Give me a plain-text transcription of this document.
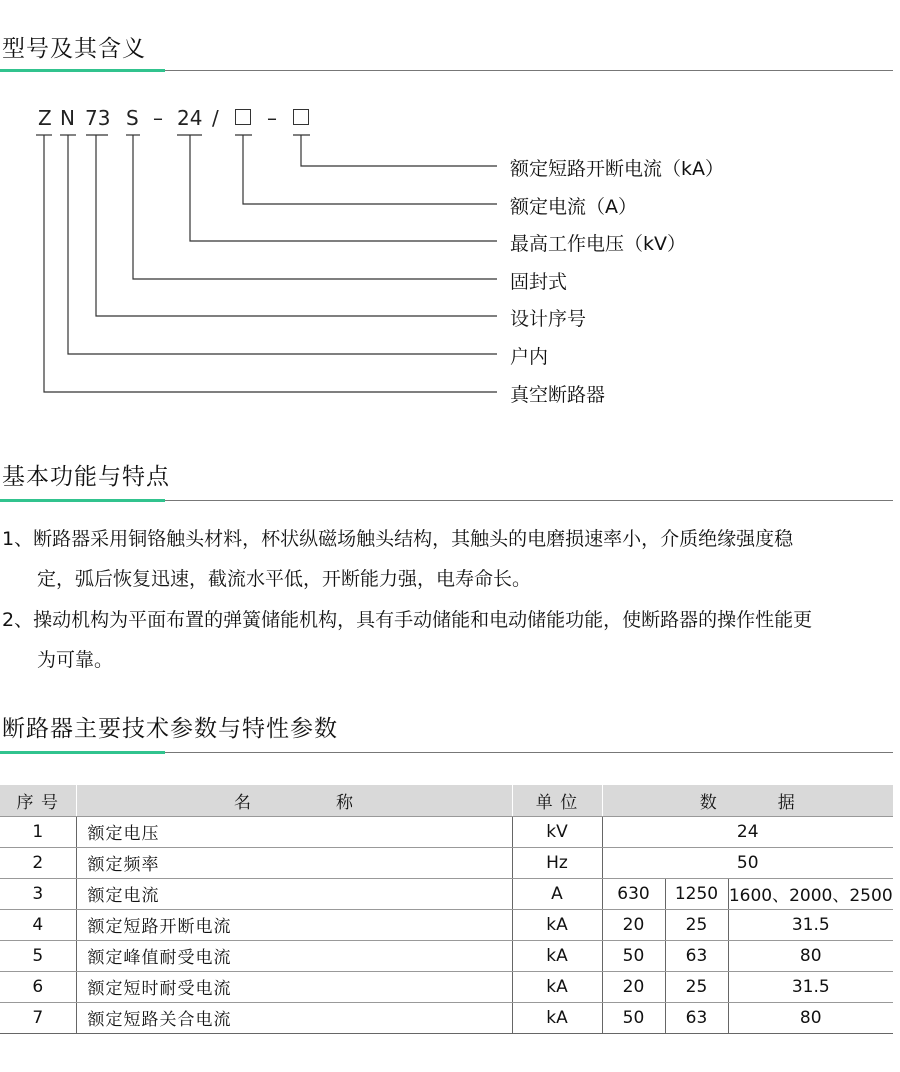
型号及其含义
Z N 73 S – 24 / –
额定短路开断电流（kA）
额定电流（A）
最高工作电压（kV）
固封式
设计序号
户内
真空断路器
基本功能与特点
1、断路器采用铜铬触头材料，杯状纵磁场触头结构，其触头的电磨损速率小，介质绝缘强度稳
定，弧后恢复迅速，截流水平低，开断能力强，电寿命长。
2、操动机构为平面布置的弹簧储能机构，具有手动储能和电动储能功能，使断路器的操作性能更
为可靠。
断路器主要技术参数与特性参数
序 号	名 称	单 位	数 据		
1	额定电压	kV	24		
2	额定频率	Hz	50		
3	额定电流	A	630	1250	1600、2000、2500
4	额定短路开断电流	kA	20	25	31.5
5	额定峰值耐受电流	kA	50	63	80
6	额定短时耐受电流	kA	20	25	31.5
7	额定短路关合电流	kA	50	63	80
